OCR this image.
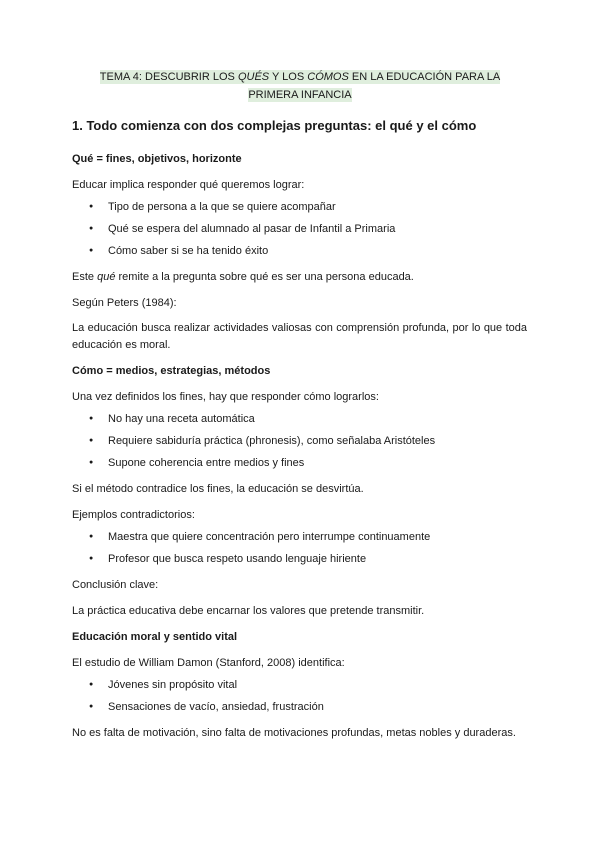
TEMA 4: DESCUBRIR LOS QUÉS Y LOS CÓMOS EN LA EDUCACIÓN PARA LA
PRIMERA INFANCIA
1. Todo comienza con dos complejas preguntas: el qué y el cómo

Qué = fines, objetivos, horizonte

Educar implica responder qué queremos lograr:

● Tipo de persona a la que se quiere acompañar
● Qué se espera del alumnado al pasar de Infantil a Primaria
● Cómo saber si se ha tenido éxito

Este qué remite a la pregunta sobre qué es ser una persona educada.

Según Peters (1984):

La educación busca realizar actividades valiosas con comprensión profunda, por lo que toda educación es moral.

Cómo = medios, estrategias, métodos

Una vez definidos los fines, hay que responder cómo lograrlos:

● No hay una receta automática
● Requiere sabiduría práctica (phronesis), como señalaba Aristóteles
● Supone coherencia entre medios y fines

Si el método contradice los fines, la educación se desvirtúa.

Ejemplos contradictorios:

● Maestra que quiere concentración pero interrumpe continuamente
● Profesor que busca respeto usando lenguaje hiriente

Conclusión clave:

La práctica educativa debe encarnar los valores que pretende transmitir.

Educación moral y sentido vital

El estudio de William Damon (Stanford, 2008) identifica:

● Jóvenes sin propósito vital
● Sensaciones de vacío, ansiedad, frustración

No es falta de motivación, sino falta de motivaciones profundas, metas nobles y duraderas.
